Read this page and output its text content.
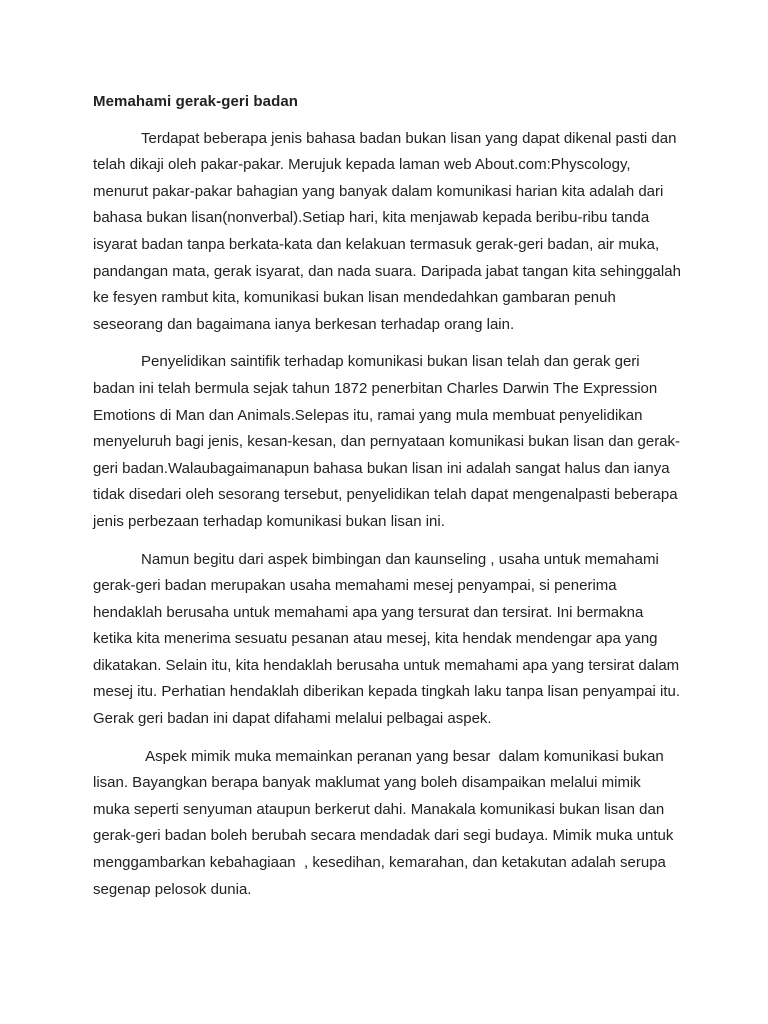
Memahami gerak-geri badan

Terdapat beberapa jenis bahasa badan bukan lisan yang dapat dikenal pasti dan telah dikaji oleh pakar-pakar. Merujuk kepada laman web About.com:Physcology, menurut pakar-pakar bahagian yang banyak dalam komunikasi harian kita adalah dari bahasa bukan lisan(nonverbal).Setiap hari, kita menjawab kepada beribu-ribu tanda isyarat badan tanpa berkata-kata dan kelakuan termasuk gerak-geri badan, air muka, pandangan mata, gerak isyarat, dan nada suara. Daripada jabat tangan kita sehinggalah ke fesyen rambut kita, komunikasi bukan lisan mendedahkan gambaran penuh seseorang dan bagaimana ianya berkesan terhadap orang lain.

Penyelidikan saintifik terhadap komunikasi bukan lisan telah dan gerak geri badan ini telah bermula sejak tahun 1872 penerbitan Charles Darwin The Expression Emotions di Man dan Animals.Selepas itu, ramai yang mula membuat penyelidikan menyeluruh bagi jenis, kesan-kesan, dan pernyataan komunikasi bukan lisan dan gerak-geri badan.Walaubagaimanapun bahasa bukan lisan ini adalah sangat halus dan ianya tidak disedari oleh sesorang tersebut, penyelidikan telah dapat mengenalpasti beberapa jenis perbezaan terhadap komunikasi bukan lisan ini.

Namun begitu dari aspek bimbingan dan kaunseling , usaha untuk memahami gerak-geri badan merupakan usaha memahami mesej penyampai, si penerima hendaklah berusaha untuk memahami apa yang tersurat dan tersirat. Ini bermakna ketika kita menerima sesuatu pesanan atau mesej, kita hendak mendengar apa yang dikatakan. Selain itu, kita hendaklah berusaha untuk memahami apa yang tersirat dalam mesej itu. Perhatian hendaklah diberikan kepada tingkah laku tanpa lisan penyampai itu. Gerak geri badan ini dapat difahami melalui pelbagai aspek.

Aspek mimik muka memainkan peranan yang besar  dalam komunikasi bukan lisan. Bayangkan berapa banyak maklumat yang boleh disampaikan melalui mimik muka seperti senyuman ataupun berkerut dahi. Manakala komunikasi bukan lisan dan gerak-geri badan boleh berubah secara mendadak dari segi budaya. Mimik muka untuk menggambarkan kebahagiaan  , kesedihan, kemarahan, dan ketakutan adalah serupa segenap pelosok dunia.
